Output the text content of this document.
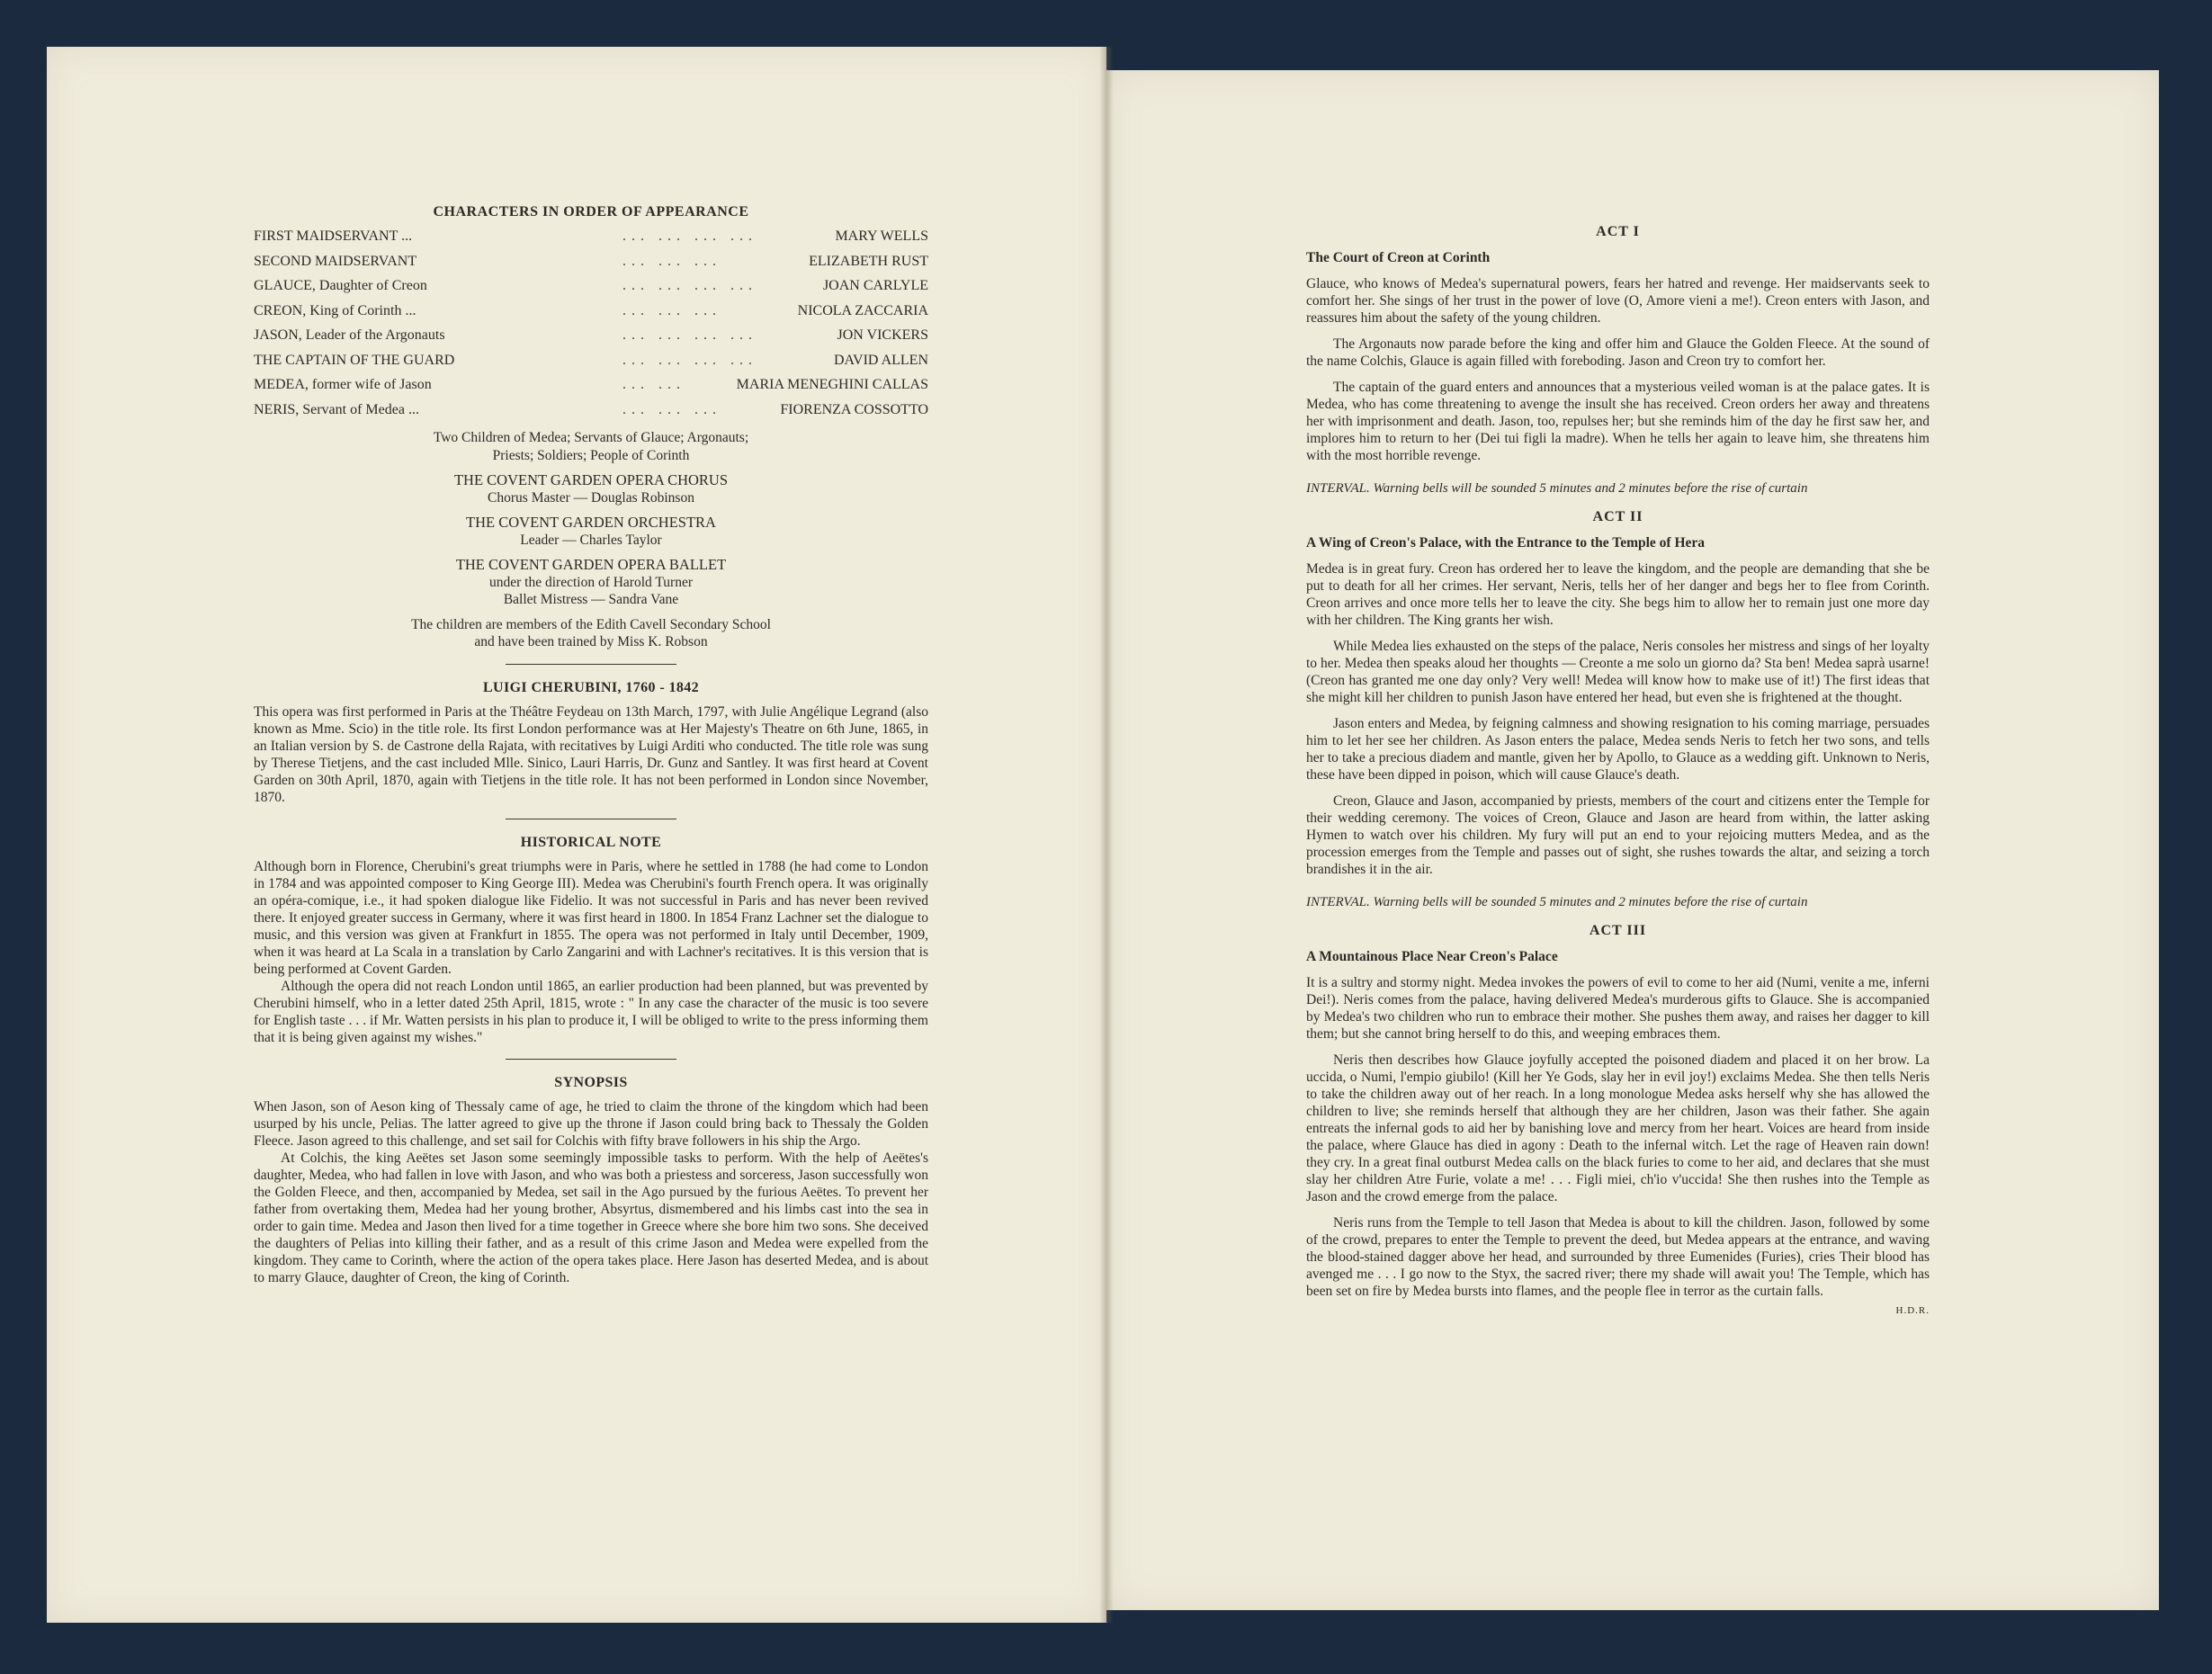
CHARACTERS IN ORDER OF APPEARANCE
FIRST MAIDSERVANT ...	... ... ... ...	MARY WELLS
SECOND MAIDSERVANT	... ... ...	ELIZABETH RUST
GLAUCE, Daughter of Creon	... ... ... ...	JOAN CARLYLE
CREON, King of Corinth ...	... ... ...	NICOLA ZACCARIA
JASON, Leader of the Argonauts	... ... ... ...	JON VICKERS
THE CAPTAIN OF THE GUARD	... ... ... ...	DAVID ALLEN
MEDEA, former wife of Jason	... ...	MARIA MENEGHINI CALLAS
NERIS, Servant of Medea ...	... ... ...	FIORENZA COSSOTTO
Two Children of Medea; Servants of Glauce; Argonauts;
Priests; Soldiers; People of Corinth
THE COVENT GARDEN OPERA CHORUS
Chorus Master — Douglas Robinson
THE COVENT GARDEN ORCHESTRA
Leader — Charles Taylor
THE COVENT GARDEN OPERA BALLET
under the direction of Harold Turner
Ballet Mistress — Sandra Vane
The children are members of the Edith Cavell Secondary School
and have been trained by Miss K. Robson
LUIGI CHERUBINI, 1760 - 1842

This opera was first performed in Paris at the Théâtre Feydeau on 13th March, 1797, with Julie Angélique Legrand (also known as Mme. Scio) in the title role. Its first London performance was at Her Majesty's Theatre on 6th June, 1865, in an Italian version by S. de Castrone della Rajata, with recitatives by Luigi Arditi who conducted. The title role was sung by Therese Tietjens, and the cast included Mlle. Sinico, Lauri Harris, Dr. Gunz and Santley. It was first heard at Covent Garden on 30th April, 1870, again with Tietjens in the title role. It has not been performed in London since November, 1870.

HISTORICAL NOTE

Although born in Florence, Cherubini's great triumphs were in Paris, where he settled in 1788 (he had come to London in 1784 and was appointed composer to King George III). Medea was Cherubini's fourth French opera. It was originally an opéra-comique, i.e., it had spoken dialogue like Fidelio. It was not successful in Paris and has never been revived there. It enjoyed greater success in Germany, where it was first heard in 1800. In 1854 Franz Lachner set the dialogue to music, and this version was given at Frankfurt in 1855. The opera was not performed in Italy until December, 1909, when it was heard at La Scala in a translation by Carlo Zangarini and with Lachner's recitatives. It is this version that is being performed at Covent Garden.

Although the opera did not reach London until 1865, an earlier production had been planned, but was prevented by Cherubini himself, who in a letter dated 25th April, 1815, wrote : " In any case the character of the music is too severe for English taste . . . if Mr. Watten persists in his plan to produce it, I will be obliged to write to the press informing them that it is being given against my wishes."

SYNOPSIS

When Jason, son of Aeson king of Thessaly came of age, he tried to claim the throne of the kingdom which had been usurped by his uncle, Pelias. The latter agreed to give up the throne if Jason could bring back to Thessaly the Golden Fleece. Jason agreed to this challenge, and set sail for Colchis with fifty brave followers in his ship the Argo.

At Colchis, the king Aeëtes set Jason some seemingly impossible tasks to perform. With the help of Aeëtes's daughter, Medea, who had fallen in love with Jason, and who was both a priestess and sorceress, Jason successfully won the Golden Fleece, and then, accompanied by Medea, set sail in the Ago pursued by the furious Aeëtes. To prevent her father from overtaking them, Medea had her young brother, Absyrtus, dismembered and his limbs cast into the sea in order to gain time. Medea and Jason then lived for a time together in Greece where she bore him two sons. She deceived the daughters of Pelias into killing their father, and as a result of this crime Jason and Medea were expelled from the kingdom. They came to Corinth, where the action of the opera takes place. Here Jason has deserted Medea, and is about to marry Glauce, daughter of Creon, the king of Corinth.

ACT I
The Court of Creon at Corinth

Glauce, who knows of Medea's supernatural powers, fears her hatred and revenge. Her maidservants seek to comfort her. She sings of her trust in the power of love (O, Amore vieni a me!). Creon enters with Jason, and reassures him about the safety of the young children.

The Argonauts now parade before the king and offer him and Glauce the Golden Fleece. At the sound of the name Colchis, Glauce is again filled with foreboding. Jason and Creon try to comfort her.

The captain of the guard enters and announces that a mysterious veiled woman is at the palace gates. It is Medea, who has come threatening to avenge the insult she has received. Creon orders her away and threatens her with imprisonment and death. Jason, too, repulses her; but she reminds him of the day he first saw her, and implores him to return to her (Dei tui figli la madre). When he tells her again to leave him, she threatens him with the most horrible revenge.

INTERVAL. Warning bells will be sounded 5 minutes and 2 minutes before the rise of curtain
ACT II
A Wing of Creon's Palace, with the Entrance to the Temple of Hera

Medea is in great fury. Creon has ordered her to leave the kingdom, and the people are demanding that she be put to death for all her crimes. Her servant, Neris, tells her of her danger and begs her to flee from Corinth. Creon arrives and once more tells her to leave the city. She begs him to allow her to remain just one more day with her children. The King grants her wish.

While Medea lies exhausted on the steps of the palace, Neris consoles her mistress and sings of her loyalty to her. Medea then speaks aloud her thoughts — Creonte a me solo un giorno da? Sta ben! Medea saprà usarne! (Creon has granted me one day only? Very well! Medea will know how to make use of it!) The first ideas that she might kill her children to punish Jason have entered her head, but even she is frightened at the thought.

Jason enters and Medea, by feigning calmness and showing resignation to his coming marriage, persuades him to let her see her children. As Jason enters the palace, Medea sends Neris to fetch her two sons, and tells her to take a precious diadem and mantle, given her by Apollo, to Glauce as a wedding gift. Unknown to Neris, these have been dipped in poison, which will cause Glauce's death.

Creon, Glauce and Jason, accompanied by priests, members of the court and citizens enter the Temple for their wedding ceremony. The voices of Creon, Glauce and Jason are heard from within, the latter asking Hymen to watch over his children. My fury will put an end to your rejoicing mutters Medea, and as the procession emerges from the Temple and passes out of sight, she rushes towards the altar, and seizing a torch brandishes it in the air.

INTERVAL. Warning bells will be sounded 5 minutes and 2 minutes before the rise of curtain
ACT III
A Mountainous Place Near Creon's Palace

It is a sultry and stormy night. Medea invokes the powers of evil to come to her aid (Numi, venite a me, inferni Dei!). Neris comes from the palace, having delivered Medea's murderous gifts to Glauce. She is accompanied by Medea's two children who run to embrace their mother. She pushes them away, and raises her dagger to kill them; but she cannot bring herself to do this, and weeping embraces them.

Neris then describes how Glauce joyfully accepted the poisoned diadem and placed it on her brow. La uccida, o Numi, l'empio giubilo! (Kill her Ye Gods, slay her in evil joy!) exclaims Medea. She then tells Neris to take the children away out of her reach. In a long monologue Medea asks herself why she has allowed the children to live; she reminds herself that although they are her children, Jason was their father. She again entreats the infernal gods to aid her by banishing love and mercy from her heart. Voices are heard from inside the palace, where Glauce has died in agony : Death to the infernal witch. Let the rage of Heaven rain down! they cry. In a great final outburst Medea calls on the black furies to come to her aid, and declares that she must slay her children Atre Furie, volate a me! . . . Figli miei, ch'io v'uccida! She then rushes into the Temple as Jason and the crowd emerge from the palace.

Neris runs from the Temple to tell Jason that Medea is about to kill the children. Jason, followed by some of the crowd, prepares to enter the Temple to prevent the deed, but Medea appears at the entrance, and waving the blood-stained dagger above her head, and surrounded by three Eumenides (Furies), cries Their blood has avenged me . . . I go now to the Styx, the sacred river; there my shade will await you! The Temple, which has been set on fire by Medea bursts into flames, and the people flee in terror as the curtain falls.

H.D.R.
